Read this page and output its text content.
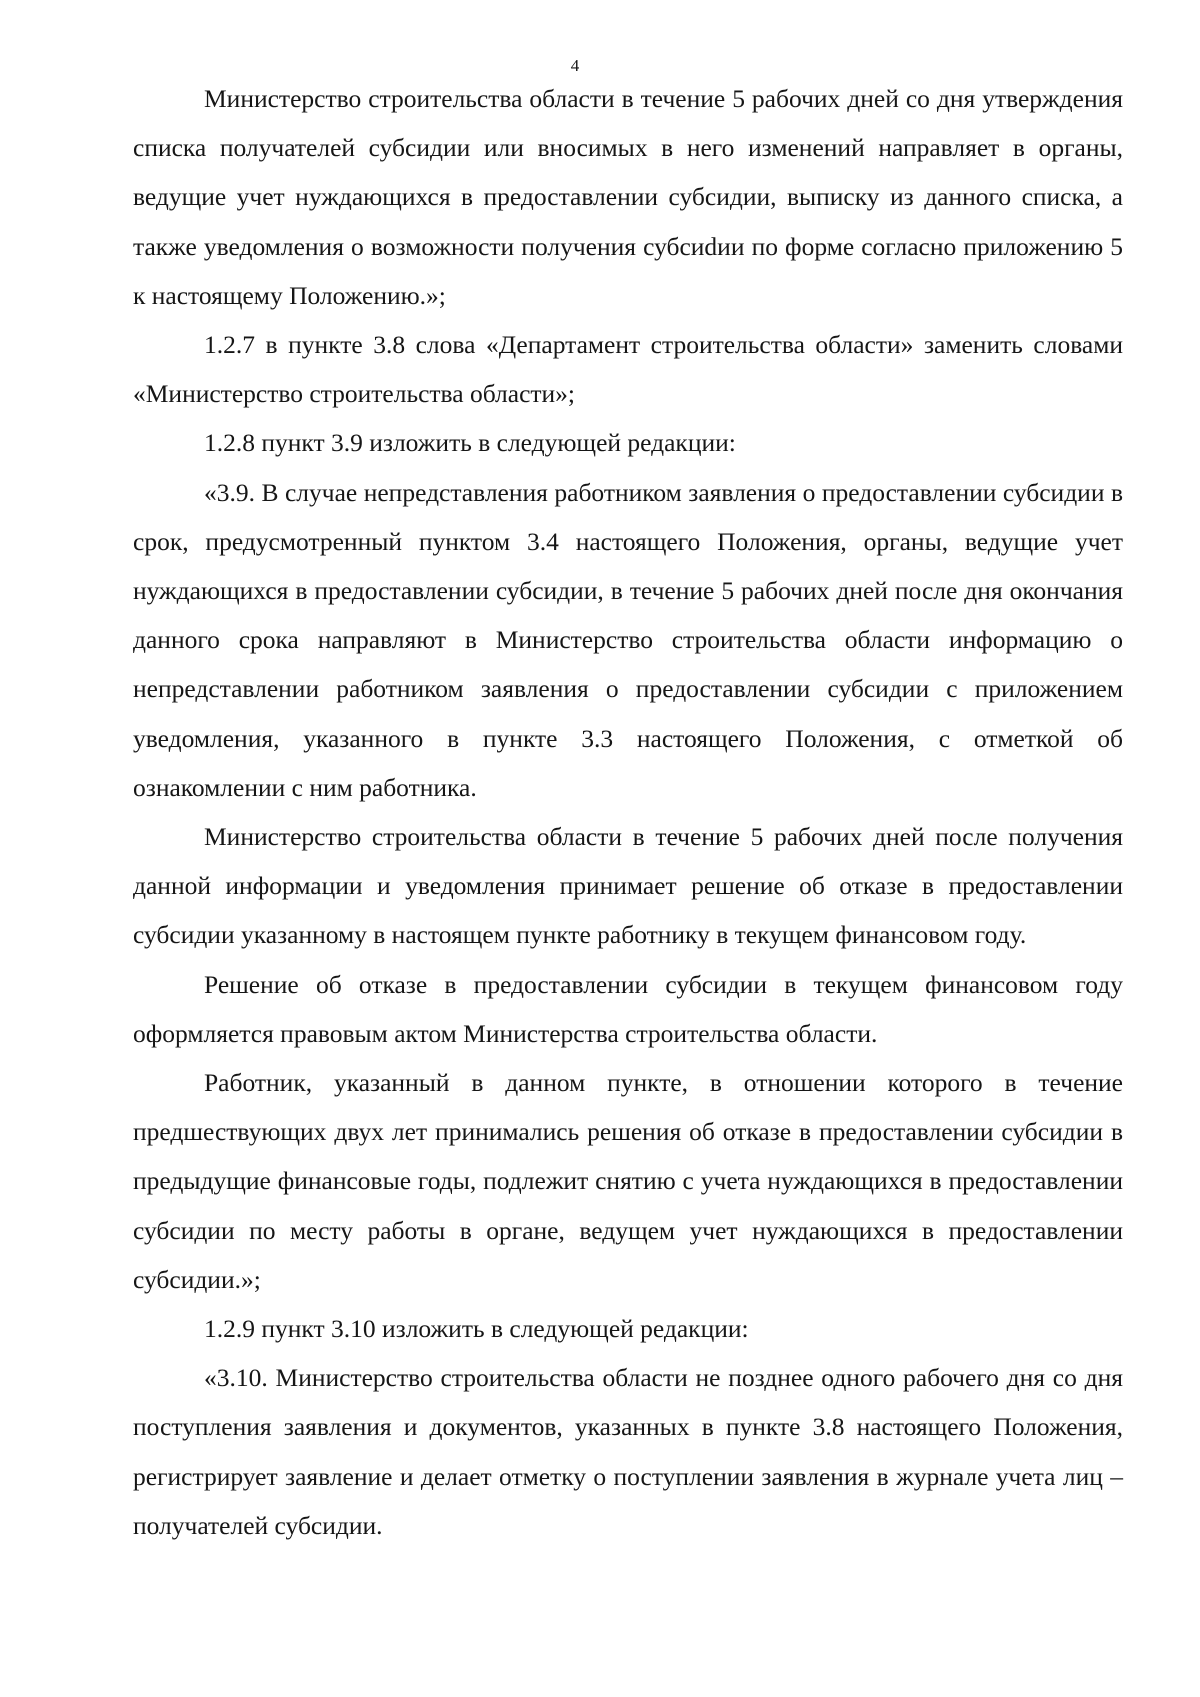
4

Министерство строительства области в течение 5 рабочих дней со дня утверждения списка получателей субсидии или вносимых в него изменений направляет в органы, ведущие учет нуждающихся в предоставлении субсидии, выписку из данного списка, а также уведомления о возможности получения субсиdии по форме согласно приложению 5 к настоящему Положению.»;

1.2.7 в пункте 3.8 слова «Департамент строительства области» заменить словами «Министерство строительства области»;

1.2.8 пункт 3.9 изложить в следующей редакции:

«3.9. В случае непредставления работником заявления о предоставлении субсидии в срок, предусмотренный пунктом 3.4 настоящего Положения, органы, ведущие учет нуждающихся в предоставлении субсидии, в течение 5 рабочих дней после дня окончания данного срока направляют в Министерство строительства области информацию о непредставлении работником заявления о предоставлении субсидии с приложением уведомления, указанного в пункте 3.3 настоящего Положения, с отметкой об ознакомлении с ним работника.

Министерство строительства области в течение 5 рабочих дней после получения данной информации и уведомления принимает решение об отказе в предоставлении субсидии указанному в настоящем пункте работнику в текущем финансовом году.

Решение об отказе в предоставлении субсидии в текущем финансовом году оформляется правовым актом Министерства строительства области.

Работник, указанный в данном пункте, в отношении которого в течение предшествующих двух лет принимались решения об отказе в предоставлении субсидии в предыдущие финансовые годы, подлежит снятию с учета нуждающихся в предоставлении субсидии по месту работы в органе, ведущем учет нуждающихся в предоставлении субсидии.»;

1.2.9 пункт 3.10 изложить в следующей редакции:

«3.10. Министерство строительства области не позднее одного рабочего дня со дня поступления заявления и документов, указанных в пункте 3.8 настоящего Положения, регистрирует заявление и делает отметку о поступлении заявления в журнале учета лиц – получателей субсидии.
